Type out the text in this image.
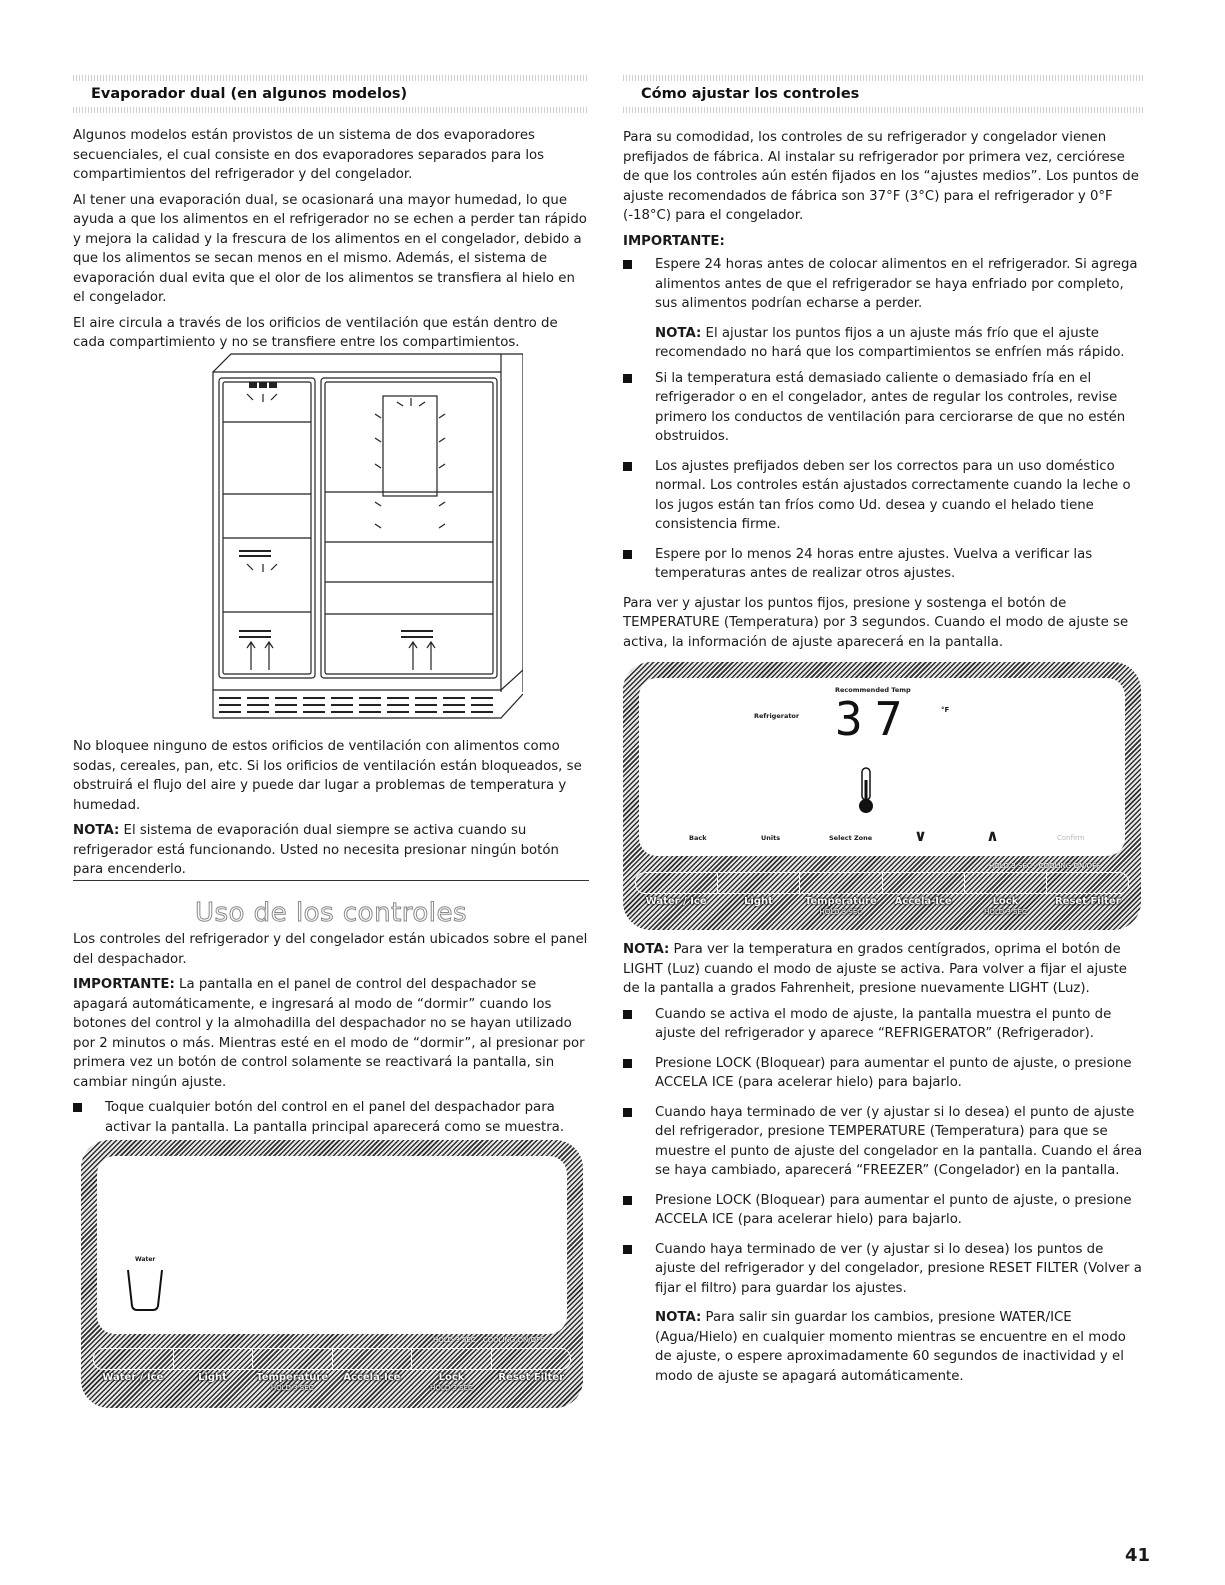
Evaporador dual (en algunos modelos)

Algunos modelos están provistos de un sistema de dos evaporadores secuenciales, el cual consiste en dos evaporadores separados para los compartimientos del refrigerador y del congelador.

Al tener una evaporación dual, se ocasionará una mayor humedad, lo que ayuda a que los alimentos en el refrigerador no se echen a perder tan rápido y mejora la calidad y la frescura de los alimentos en el congelador, debido a que los alimentos se secan menos en el mismo. Además, el sistema de evaporación dual evita que el olor de los alimentos se transfiera al hielo en el congelador.

El aire circula a través de los orificios de ventilación que están dentro de cada compartimiento y no se transfiere entre los compartimientos.

No bloquee ninguno de estos orificios de ventilación con alimentos como sodas, cereales, pan, etc. Si los orificios de ventilación están bloqueados, se obstruirá el flujo del aire y puede dar lugar a problemas de temperatura y humedad.

NOTA: El sistema de evaporación dual siempre se activa cuando su refrigerador está funcionando. Usted no necesita presionar ningún botón para encenderlo.

Uso de los controles

Los controles del refrigerador y del congelador están ubicados sobre el panel del despachador.

IMPORTANTE: La pantalla en el panel de control del despachador se apagará automáticamente, e ingresará al modo de “dormir” cuando los botones del control y la almohadilla del despachador no se hayan utilizado por 2 minutos o más. Mientras esté en el modo de “dormir”, al presionar por primera vez un botón de control solamente se reactivará la pantalla, sin cambiar ningún ajuste.

Toque cualquier botón del control en el panel del despachador para activar la pantalla. La pantalla principal aparecerá como se muestra.
Water
HOLD 3 SEC - COOLING ON/OFF
Water / Ice	Light	Temperature
HOLD 3 SEC
Accela-Ice	Lock
HOLD 3 SEC
Reset Filter
Cómo ajustar los controles

Para su comodidad, los controles de su refrigerador y congelador vienen prefijados de fábrica. Al instalar su refrigerador por primera vez, cerciórese de que los controles aún estén fijados en los “ajustes medios”. Los puntos de ajuste recomendados de fábrica son 37°F (3°C) para el refrigerador y 0°F (-18°C) para el congelador.

IMPORTANTE:

Espere 24 horas antes de colocar alimentos en el refrigerador. Si agrega alimentos antes de que el refrigerador se haya enfriado por completo, sus alimentos podrían echarse a perder.

NOTA: El ajustar los puntos fijos a un ajuste más frío que el ajuste recomendado no hará que los compartimientos se enfríen más rápido.

Si la temperatura está demasiado caliente o demasiado fría en el refrigerador o en el congelador, antes de regular los controles, revise primero los conductos de ventilación para cerciorarse de que no estén obstruidos.
Los ajustes prefijados deben ser los correctos para un uso doméstico normal. Los controles están ajustados correctamente cuando la leche o los jugos están tan fríos como Ud. desea y cuando el helado tiene consistencia firme.
Espere por lo menos 24 horas entre ajustes. Vuelva a verificar las temperaturas antes de realizar otros ajustes.

Para ver y ajustar los puntos fijos, presione y sostenga el botón de TEMPERATURE (Temperatura) por 3 segundos. Cuando el modo de ajuste se activa, la información de ajuste aparecerá en la pantalla.

Recommended Temp
Refrigerator 37	°F
Back	Units	Select Zone	∨	∧	Confirm
HOLD 3 SEC - COOLING ON/OFF
Water / Ice	Light	Temperature
HOLD 3 SEC
Accela-Ice	Lock
HOLD 3 SEC
Reset Filter

NOTA: Para ver la temperatura en grados centígrados, oprima el botón de LIGHT (Luz) cuando el modo de ajuste se activa. Para volver a fijar el ajuste de la pantalla a grados Fahrenheit, presione nuevamente LIGHT (Luz).

Cuando se activa el modo de ajuste, la pantalla muestra el punto de ajuste del refrigerador y aparece “REFRIGERATOR” (Refrigerador).
Presione LOCK (Bloquear) para aumentar el punto de ajuste, o presione ACCELA ICE (para acelerar hielo) para bajarlo.
Cuando haya terminado de ver (y ajustar si lo desea) el punto de ajuste del refrigerador, presione TEMPERATURE (Temperatura) para que se muestre el punto de ajuste del congelador en la pantalla. Cuando el área se haya cambiado, aparecerá “FREEZER” (Congelador) en la pantalla.
Presione LOCK (Bloquear) para aumentar el punto de ajuste, o presione ACCELA ICE (para acelerar hielo) para bajarlo.
Cuando haya terminado de ver (y ajustar si lo desea) los puntos de ajuste del refrigerador y del congelador, presione RESET FILTER (Volver a fijar el filtro) para guardar los ajustes.

NOTA: Para salir sin guardar los cambios, presione WATER/ICE (Agua/Hielo) en cualquier momento mientras se encuentre en el modo de ajuste, o espere aproximadamente 60 segundos de inactividad y el modo de ajuste se apagará automáticamente.

41
